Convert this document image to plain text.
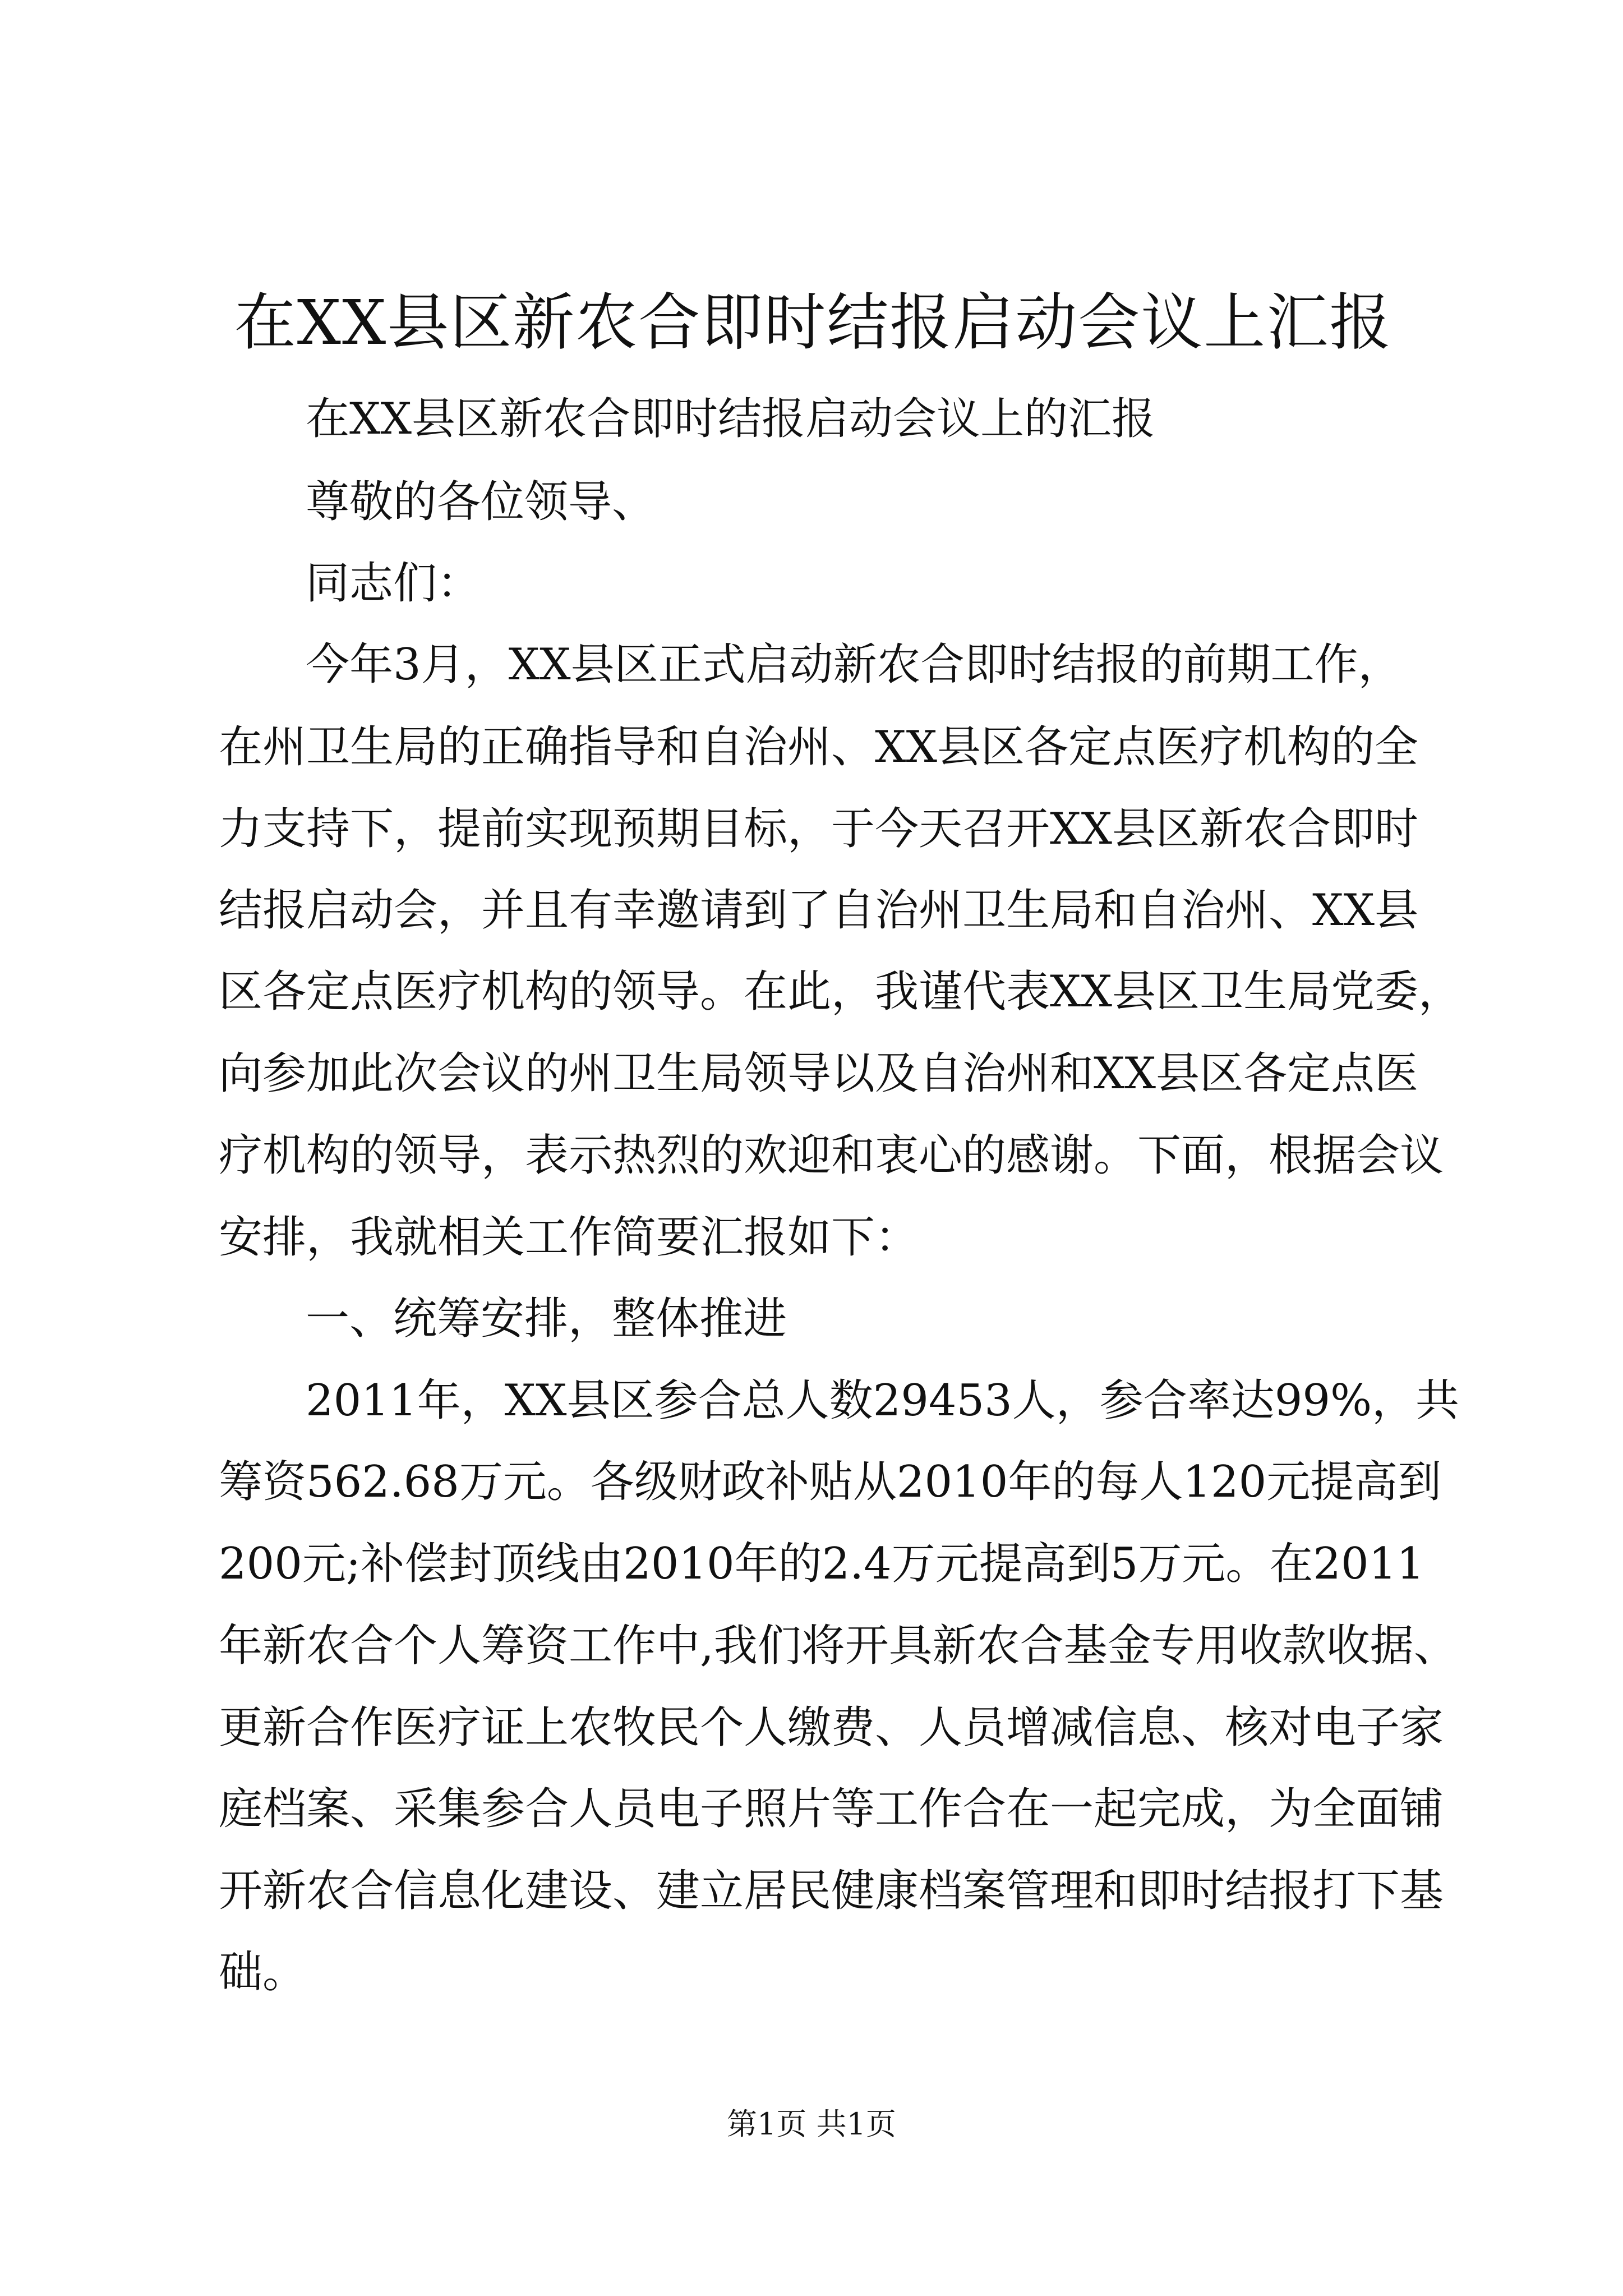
在XX县区新农合即时结报启动会议上汇报
在XX县区新农合即时结报启动会议上的汇报
尊敬的各位领导、
同志们：
今年3月，XX县区正式启动新农合即时结报的前期工作，
在州卫生局的正确指导和自治州、XX县区各定点医疗机构的全
力支持下，提前实现预期目标，于今天召开XX县区新农合即时
结报启动会，并且有幸邀请到了自治州卫生局和自治州、XX县
区各定点医疗机构的领导。在此，我谨代表XX县区卫生局党委，
向参加此次会议的州卫生局领导以及自治州和XX县区各定点医
疗机构的领导，表示热烈的欢迎和衷心的感谢。下面，根据会议
安排，我就相关工作简要汇报如下：
一、统筹安排，整体推进
2011年，XX县区参合总人数29453人，参合率达99%，共
筹资562.68万元。各级财政补贴从2010年的每人120元提高到
200元;补偿封顶线由2010年的2.4万元提高到5万元。在2011
年新农合个人筹资工作中,我们将开具新农合基金专用收款收据、
更新合作医疗证上农牧民个人缴费、人员增减信息、核对电子家
庭档案、采集参合人员电子照片等工作合在一起完成，为全面铺
开新农合信息化建设、建立居民健康档案管理和即时结报打下基
础。
第1页 共1页
